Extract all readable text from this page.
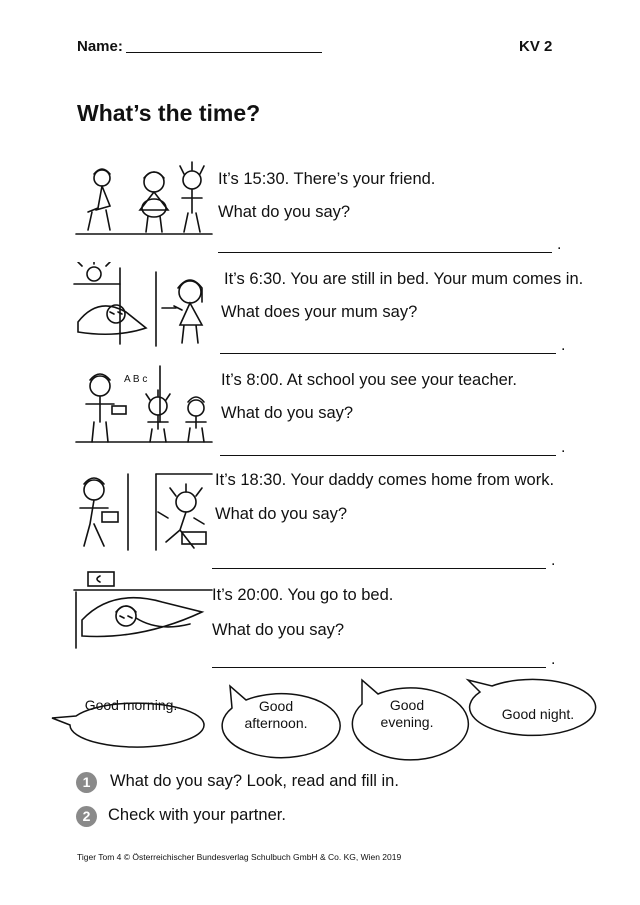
Name:	KV 2
What’s the time?
It’s 15:30. There’s your friend.
What do you say?
.
It’s 6:30. You are still in bed. Your mum comes in.
What does your mum say?
.
A B c	It’s 8:00. At school you see your teacher.
What do you say?
.
It’s 18:30. Your daddy comes home from work.
What do you say?
.
It’s 20:00. You go to bed.
What do you say?
.
Good morning.	Good
afternoon.
Good
evening.	Good night.
1	What do you say? Look, read and fill in.
2	Check with your partner.
Tiger Tom 4 © Österreichischer Bundesverlag Schulbuch GmbH & Co. KG, Wien 2019
